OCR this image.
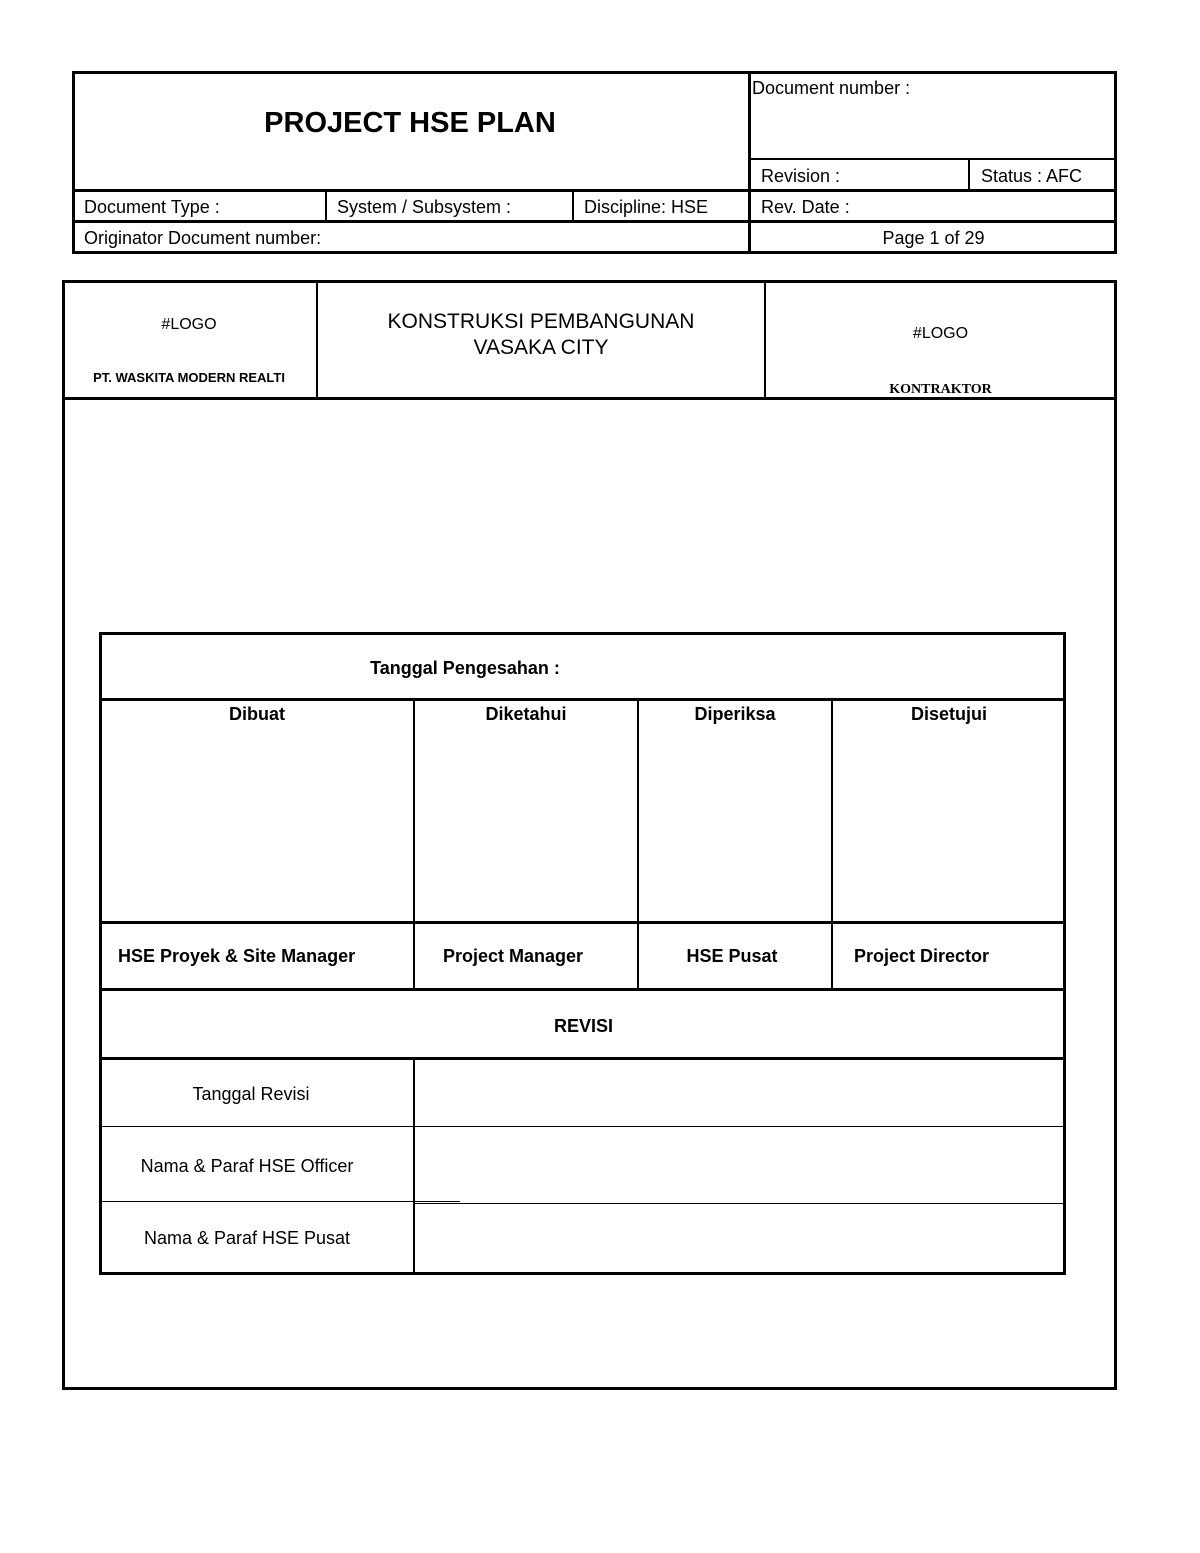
PROJECT HSE PLAN
Document number :
Revision :	Status : AFC
Document Type :	System / Subsystem :	Discipline: HSE	Rev. Date :
Originator Document number:	Page 1 of 29
#LOGO
PT. WASKITA MODERN REALTI
KONSTRUKSI PEMBANGUNAN
VASAKA CITY
#LOGO
KONTRAKTOR
Tanggal Pengesahan :
Dibuat	Diketahui	Diperiksa	Disetujui
HSE Proyek & Site Manager	Project Manager	HSE Pusat	Project Director
REVISI
Tanggal Revisi
Nama & Paraf HSE Officer
Nama & Paraf HSE Pusat
